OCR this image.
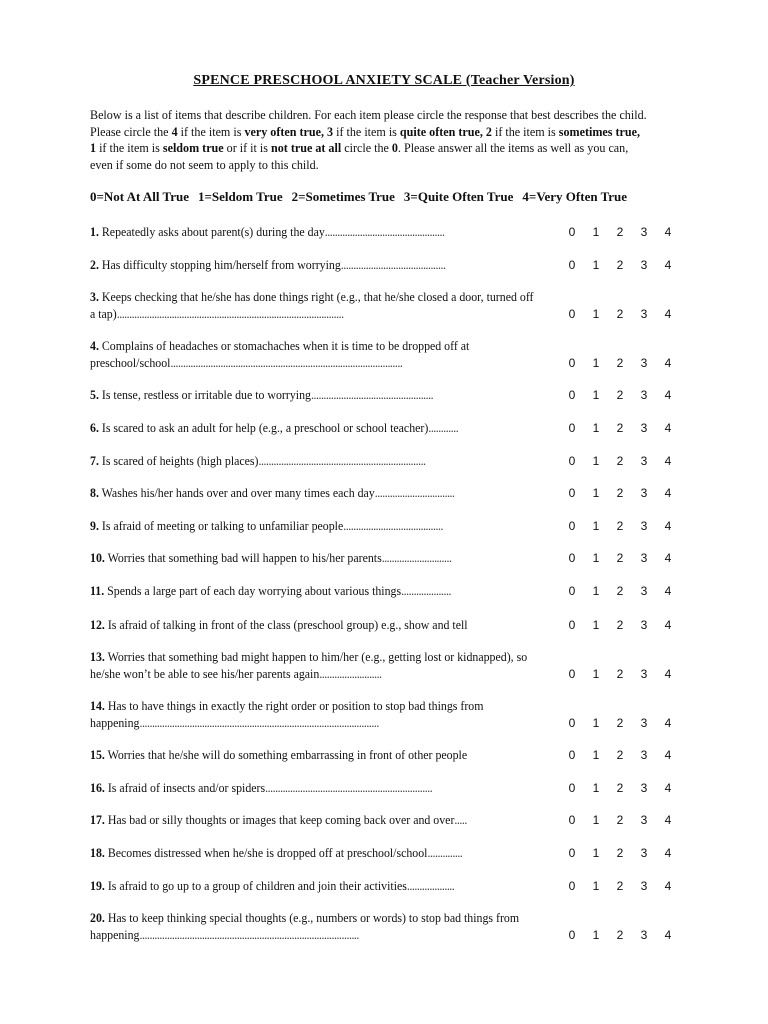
SPENCE PRESCHOOL ANXIETY SCALE (Teacher Version)
Below is a list of items that describe children. For each item please circle the response that best describes the child. Please circle the 4 if the item is very often true, 3 if the item is quite often true, 2 if the item is sometimes true, 1 if the item is seldom true or if it is not true at all circle the 0. Please answer all the items as well as you can, even if some do not seem to apply to this child.
0=Not At All True 1=Seldom True 2=Sometimes True 3=Quite Often True 4=Very Often True
1. Repeatedly asks about parent(s) during the day................................................	0 1 2 3 4
2. Has difficulty stopping him/herself from worrying..........................................	0 1 2 3 4
3. Keeps checking that he/she has done things right (e.g., that he/she closed a door, turned off a tap)...........................................................................................	0 1 2 3 4
4. Complains of headaches or stomachaches when it is time to be dropped off at preschool/school.............................................................................................	0 1 2 3 4
5. Is tense, restless or irritable due to worrying.................................................	0 1 2 3 4
6. Is scared to ask an adult for help (e.g., a preschool or school teacher)............	0 1 2 3 4
7. Is scared of heights (high places)...................................................................	0 1 2 3 4
8. Washes his/her hands over and over many times each day................................	0 1 2 3 4
9. Is afraid of meeting or talking to unfamiliar people........................................	0 1 2 3 4
10. Worries that something bad will happen to his/her parents............................	0 1 2 3 4
11. Spends a large part of each day worrying about various things....................	0 1 2 3 4
12. Is afraid of talking in front of the class (preschool group) e.g., show and tell	0 1 2 3 4
13. Worries that something bad might happen to him/her (e.g., getting lost or kidnapped), so he/she won’t be able to see his/her parents again.........................	0 1 2 3 4
14. Has to have things in exactly the right order or position to stop bad things from happening................................................................................................	0 1 2 3 4
15. Worries that he/she will do something embarrassing in front of other people	0 1 2 3 4
16. Is afraid of insects and/or spiders...................................................................	0 1 2 3 4
17. Has bad or silly thoughts or images that keep coming back over and over.....	0 1 2 3 4
18. Becomes distressed when he/she is dropped off at preschool/school..............	0 1 2 3 4
19. Is afraid to go up to a group of children and join their activities...................	0 1 2 3 4
20. Has to keep thinking special thoughts (e.g., numbers or words) to stop bad things from happening........................................................................................	0 1 2 3 4
